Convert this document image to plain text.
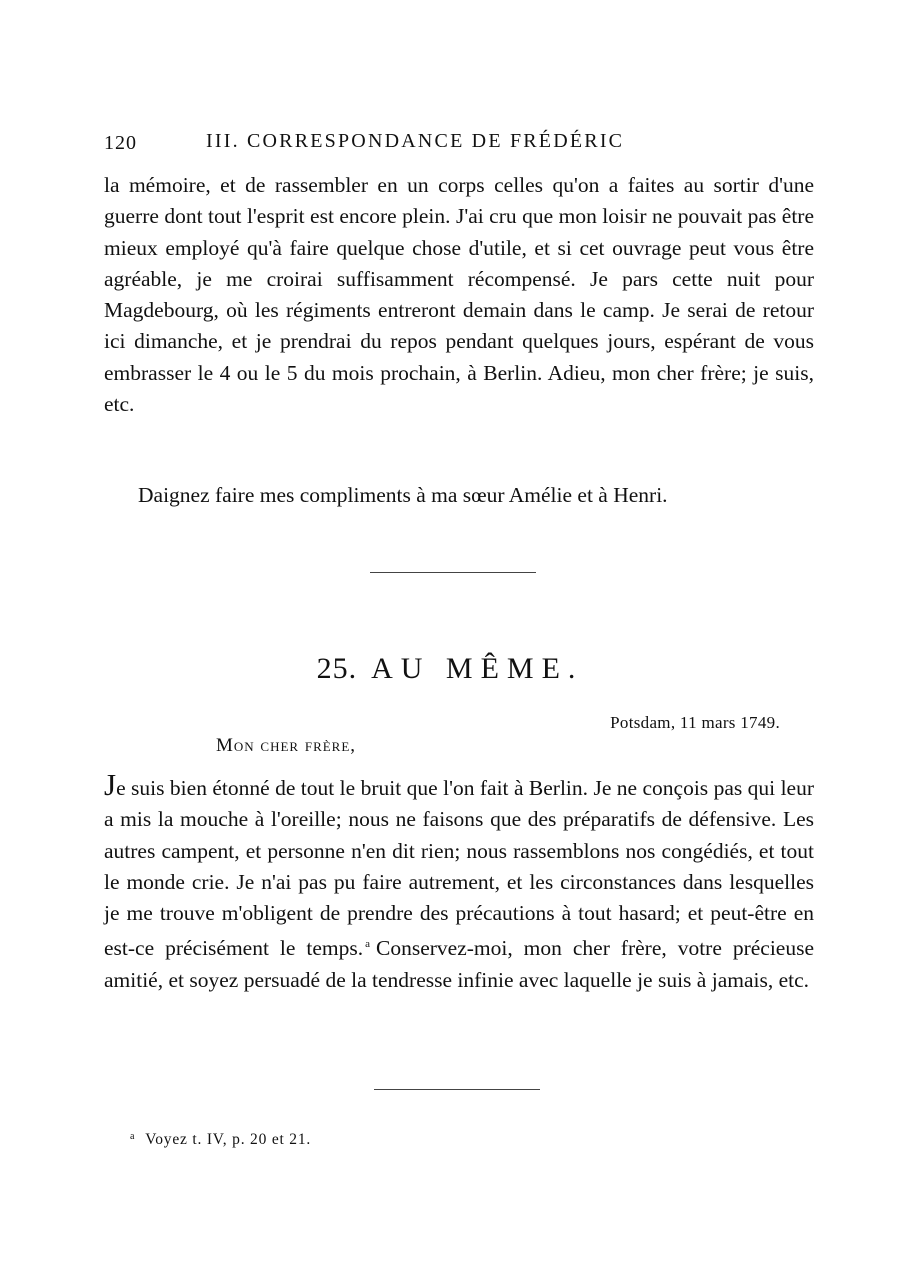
120	III. CORRESPONDANCE DE FRÉDÉRIC

la mémoire, et de rassembler en un corps celles qu'on a faites au sortir d'une guerre dont tout l'esprit est encore plein. J'ai cru que mon loisir ne pouvait pas être mieux employé qu'à faire quelque chose d'utile, et si cet ouvrage peut vous être agréable, je me croirai suffisamment récompensé. Je pars cette nuit pour Magdebourg, où les régiments entreront demain dans le camp. Je serai de retour ici dimanche, et je prendrai du repos pendant quelques jours, espérant de vous embrasser le 4 ou le 5 du mois prochain, à Berlin. Adieu, mon cher frère; je suis, etc.

Daignez faire mes compliments à ma sœur Amélie et à Henri.

25. AU MÊME.
Potsdam, 11 mars 1749.
Mon cher frère,

Je suis bien étonné de tout le bruit que l'on fait à Berlin. Je ne conçois pas qui leur a mis la mouche à l'oreille; nous ne faisons que des préparatifs de défensive. Les autres campent, et personne n'en dit rien; nous rassemblons nos congédiés, et tout le monde crie. Je n'ai pas pu faire autrement, et les circonstances dans lesquelles je me trouve m'obligent de prendre des précautions à tout hasard; et peut-être en est-ce précisément le temps. $^a$ Conservez-moi, mon cher frère, votre précieuse amitié, et soyez persuadé de la tendresse infinie avec laquelle je suis à jamais, etc.

$^a$ Voyez t. IV, p. 20 et 21.
